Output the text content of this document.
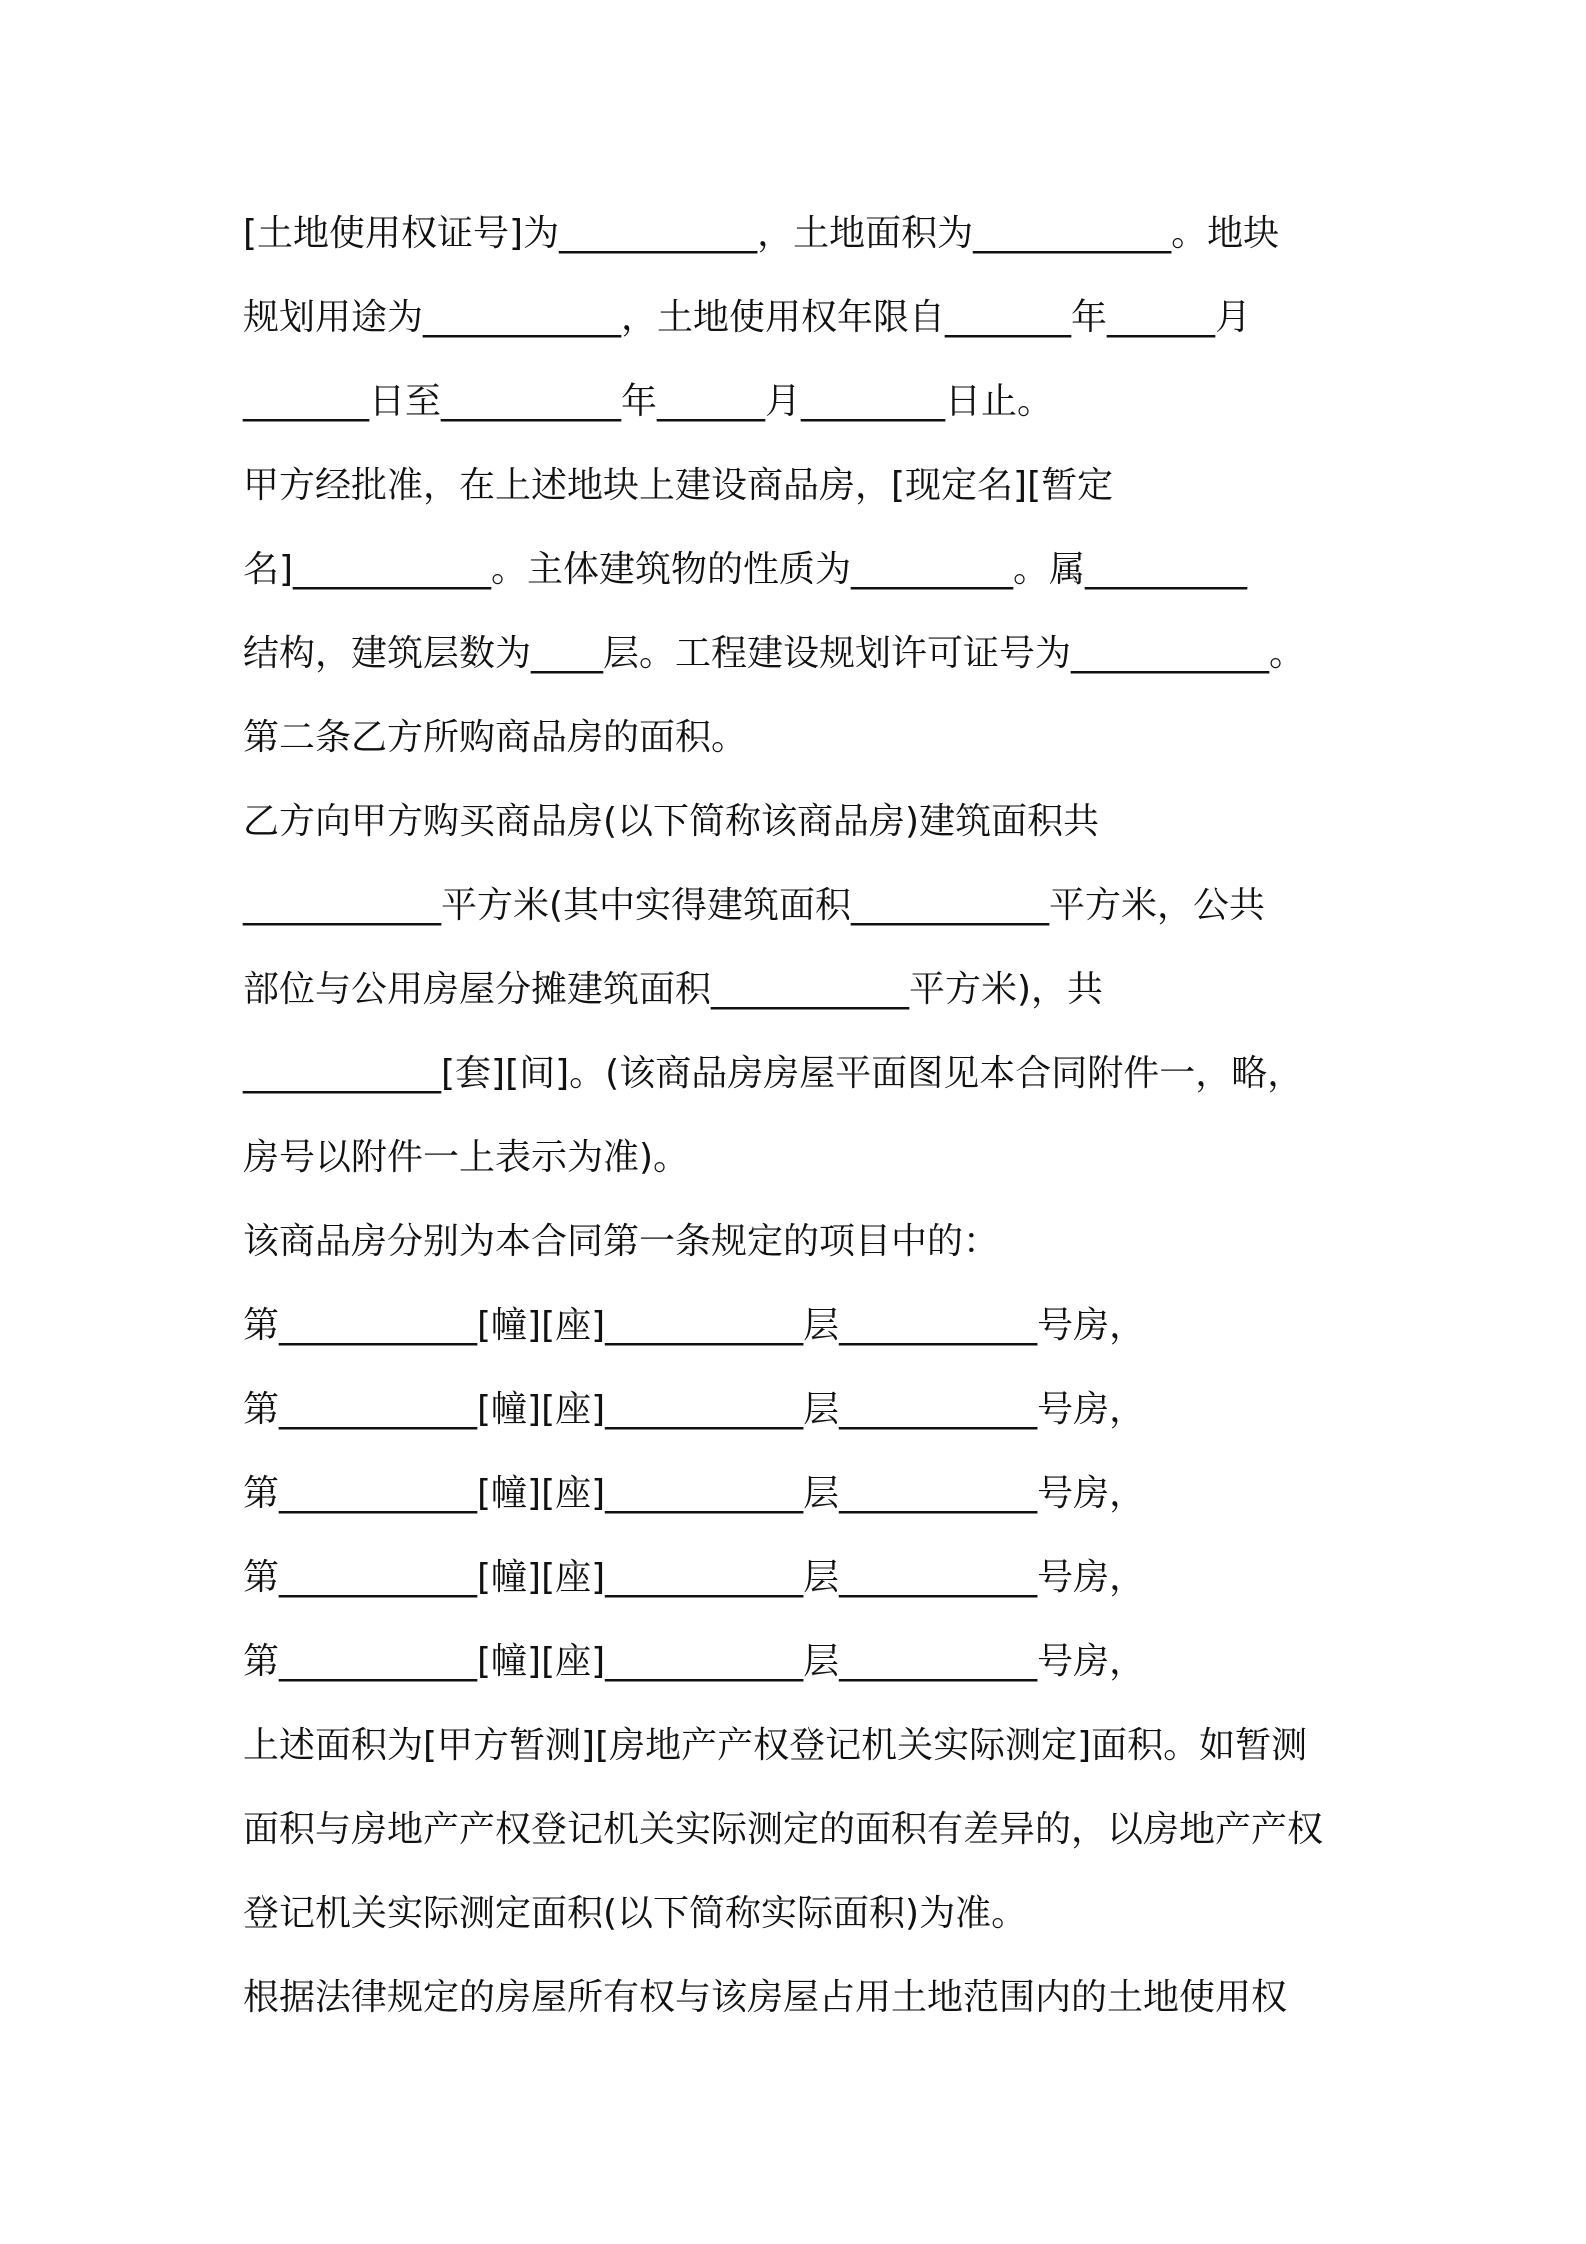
[土地使用权证号]为___________，土地面积为___________。地块
规划用途为___________，土地使用权年限自_______年______月
_______日至__________年______月________日止。
甲方经批准，在上述地块上建设商品房，[现定名][暂定
名]___________。主体建筑物的性质为_________。属_________
结构，建筑层数为____层。工程建设规划许可证号为___________。
第二条乙方所购商品房的面积。
乙方向甲方购买商品房(以下简称该商品房)建筑面积共
___________平方米(其中实得建筑面积___________平方米，公共
部位与公用房屋分摊建筑面积___________平方米)，共
___________[套][间]。(该商品房房屋平面图见本合同附件一，略，
房号以附件一上表示为准)。
该商品房分别为本合同第一条规定的项目中的：
第___________[幢][座]___________层___________号房，
第___________[幢][座]___________层___________号房，
第___________[幢][座]___________层___________号房，
第___________[幢][座]___________层___________号房，
第___________[幢][座]___________层___________号房，
上述面积为[甲方暂测][房地产产权登记机关实际测定]面积。如暂测
面积与房地产产权登记机关实际测定的面积有差异的，以房地产产权
登记机关实际测定面积(以下简称实际面积)为准。
根据法律规定的房屋所有权与该房屋占用土地范围内的土地使用权
